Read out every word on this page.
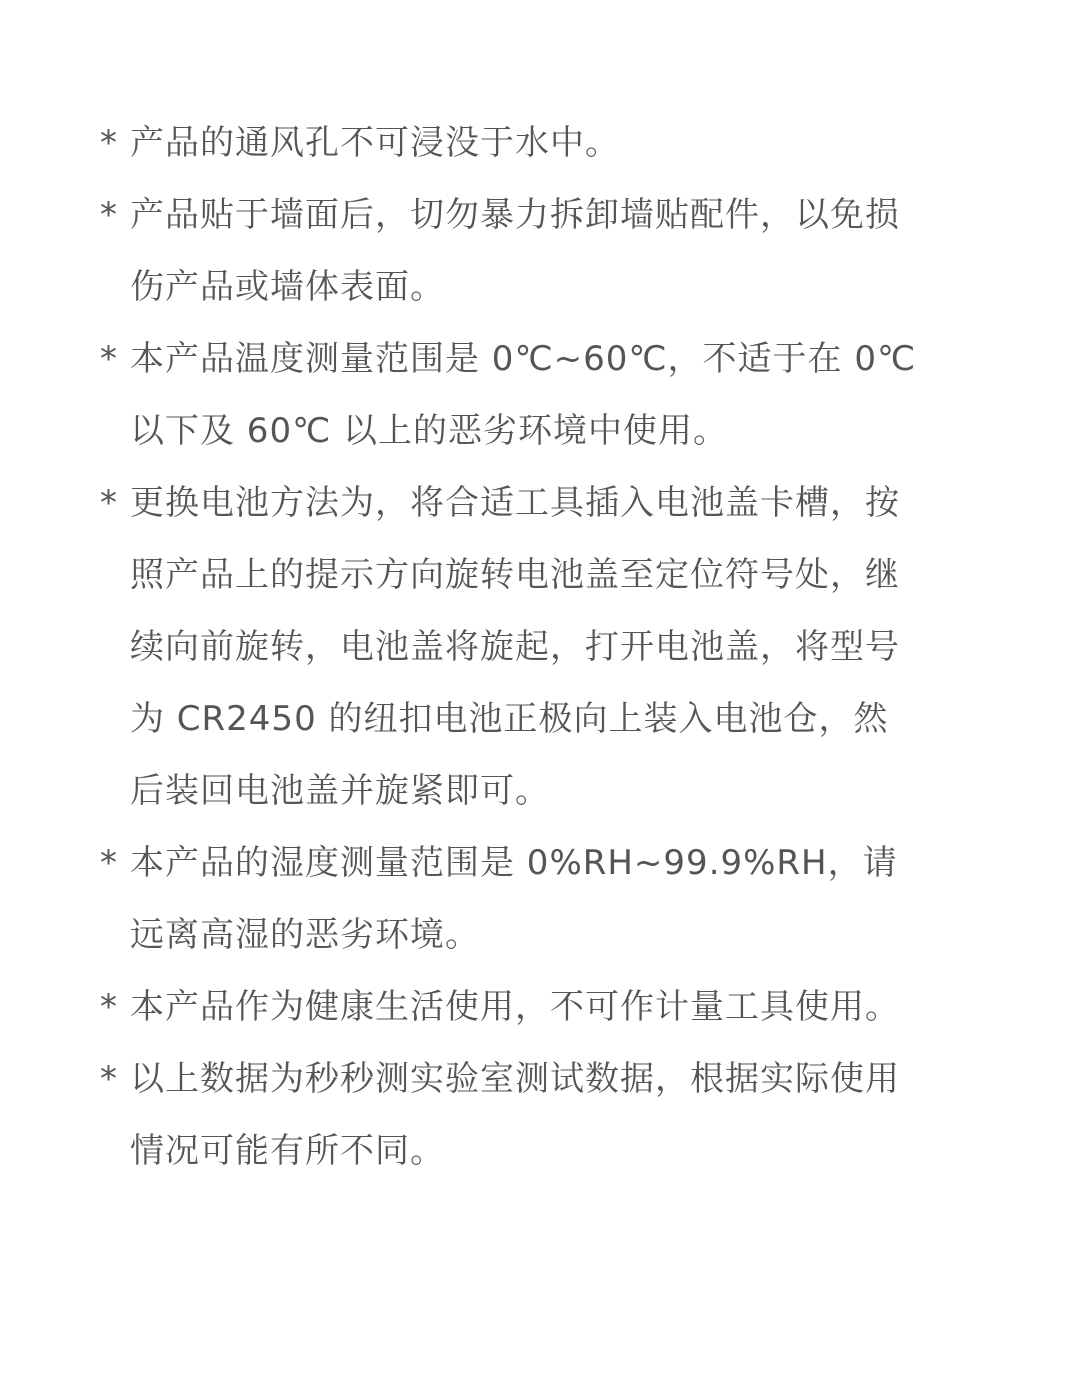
* 产品的通风孔不可浸没于水中。
* 产品贴于墙面后，切勿暴力拆卸墙贴配件，以免损
伤产品或墙体表面。
* 本产品温度测量范围是 0℃~60℃，不适于在 0℃
以下及 60℃ 以上的恶劣环境中使用。
* 更换电池方法为，将合适工具插入电池盖卡槽，按
照产品上的提示方向旋转电池盖至定位符号处，继
续向前旋转，电池盖将旋起，打开电池盖，将型号
为 CR2450 的纽扣电池正极向上装入电池仓，然
后装回电池盖并旋紧即可。
* 本产品的湿度测量范围是 0%RH~99.9%RH，请
远离高湿的恶劣环境。
* 本产品作为健康生活使用，不可作计量工具使用。
* 以上数据为秒秒测实验室测试数据，根据实际使用
情况可能有所不同。
